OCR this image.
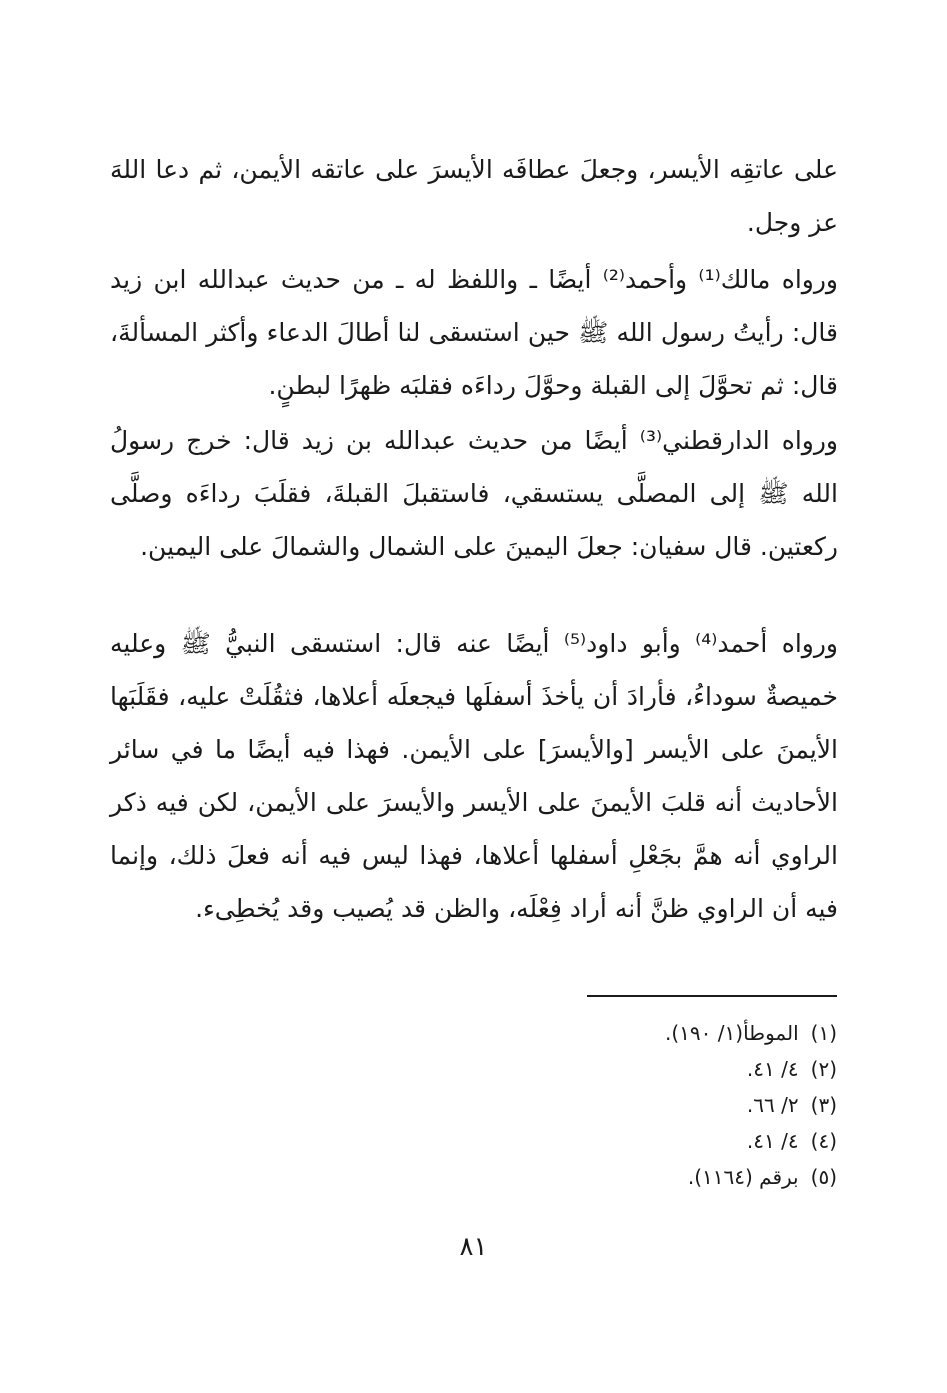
على عاتقِه الأيسر، وجعلَ عطافَه الأيسرَ على عاتقه الأيمن، ثم دعا اللهَ عز وجل.

ورواه مالك⁽¹⁾ وأحمد⁽²⁾ أيضًا ـ واللفظ له ـ من حديث عبدالله ابن زيد قال: رأيتُ رسول الله ﷺ حين استسقى لنا أطالَ الدعاء وأكثر المسألةَ، قال: ثم تحوَّلَ إلى القبلة وحوَّلَ رداءَه فقلبَه ظهرًا لبطنٍ.

ورواه الدارقطني⁽³⁾ أيضًا من حديث عبدالله بن زيد قال: خرج رسولُ الله ﷺ إلى المصلَّى يستسقي، فاستقبلَ القبلةَ، فقلَبَ رداءَه وصلَّى ركعتين. قال سفيان: جعلَ اليمينَ على الشمال والشمالَ على اليمين.

ورواه أحمد⁽⁴⁾ وأبو داود⁽⁵⁾ أيضًا عنه قال: استسقى النبيُّ ﷺ وعليه خميصةٌ سوداءُ، فأرادَ أن يأخذَ أسفلَها فيجعلَه أعلاها، فثقُلَتْ عليه، فقَلَبَها الأيمنَ على الأيسر [والأيسرَ] على الأيمن. فهذا فيه أيضًا ما في سائر الأحاديث أنه قلبَ الأيمنَ على الأيسر والأيسرَ على الأيمن، لكن فيه ذكر الراوي أنه همَّ بجَعْلِ أسفلها أعلاها، فهذا ليس فيه أنه فعلَ ذلك، وإنما فيه أن الراوي ظنَّ أنه أراد فِعْلَه، والظن قد يُصيب وقد يُخطِىء.

(١)الموطأ(١/ ١٩٠).
(٢)٤/ ٤١.
(٣)٢/ ٦٦.
(٤)٤/ ٤١.
(٥)برقم (١١٦٤).
٨١
